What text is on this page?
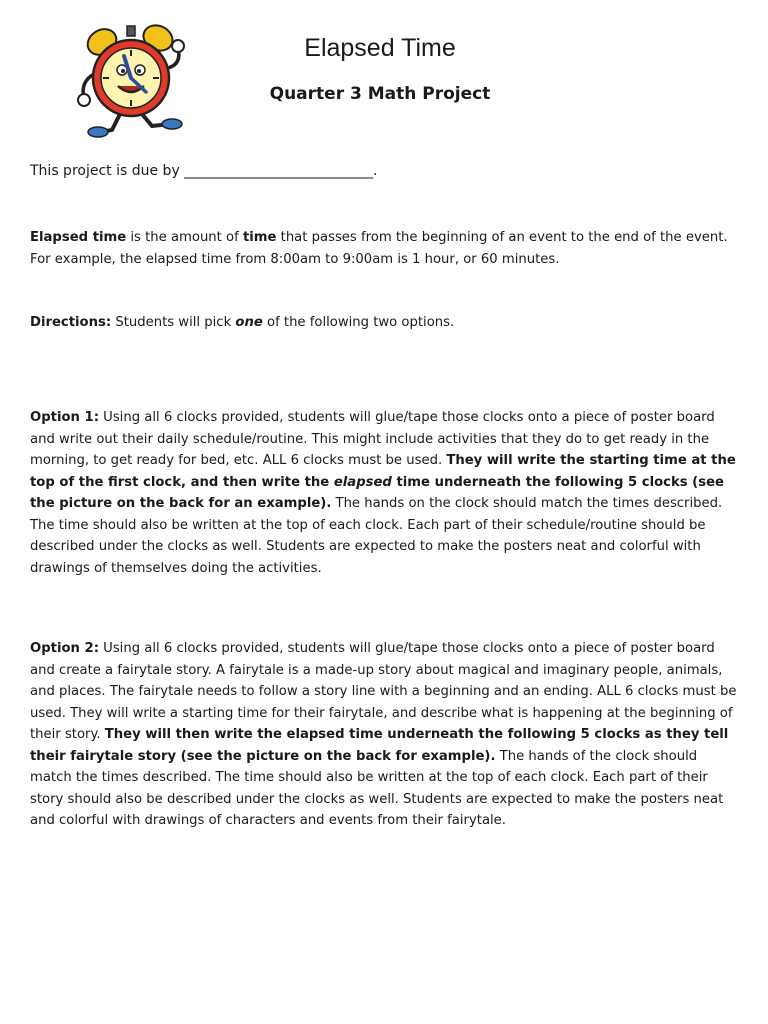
Elapsed Time
Quarter 3 Math Project

This project is due by ___________________________.

Elapsed time is the amount of time that passes from the beginning of an event to the end of the event. For example, the elapsed time from 8:00am to 9:00am is 1 hour, or 60 minutes.

Directions: Students will pick one of the following two options.

Option 1: Using all 6 clocks provided, students will glue/tape those clocks onto a piece of poster board and write out their daily schedule/routine. This might include activities that they do to get ready in the morning, to get ready for bed, etc. ALL 6 clocks must be used. They will write the starting time at the top of the first clock, and then write the elapsed time underneath the following 5 clocks (see the picture on the back for an example). The hands on the clock should match the times described. The time should also be written at the top of each clock. Each part of their schedule/routine should be described under the clocks as well. Students are expected to make the posters neat and colorful with drawings of themselves doing the activities.

Option 2: Using all 6 clocks provided, students will glue/tape those clocks onto a piece of poster board and create a fairytale story. A fairytale is a made-up story about magical and imaginary people, animals, and places. The fairytale needs to follow a story line with a beginning and an ending. ALL 6 clocks must be used. They will write a starting time for their fairytale, and describe what is happening at the beginning of their story. They will then write the elapsed time underneath the following 5 clocks as they tell their fairytale story (see the picture on the back for example). The hands of the clock should match the times described. The time should also be written at the top of each clock. Each part of their story should also be described under the clocks as well. Students are expected to make the posters neat and colorful with drawings of characters and events from their fairytale.
